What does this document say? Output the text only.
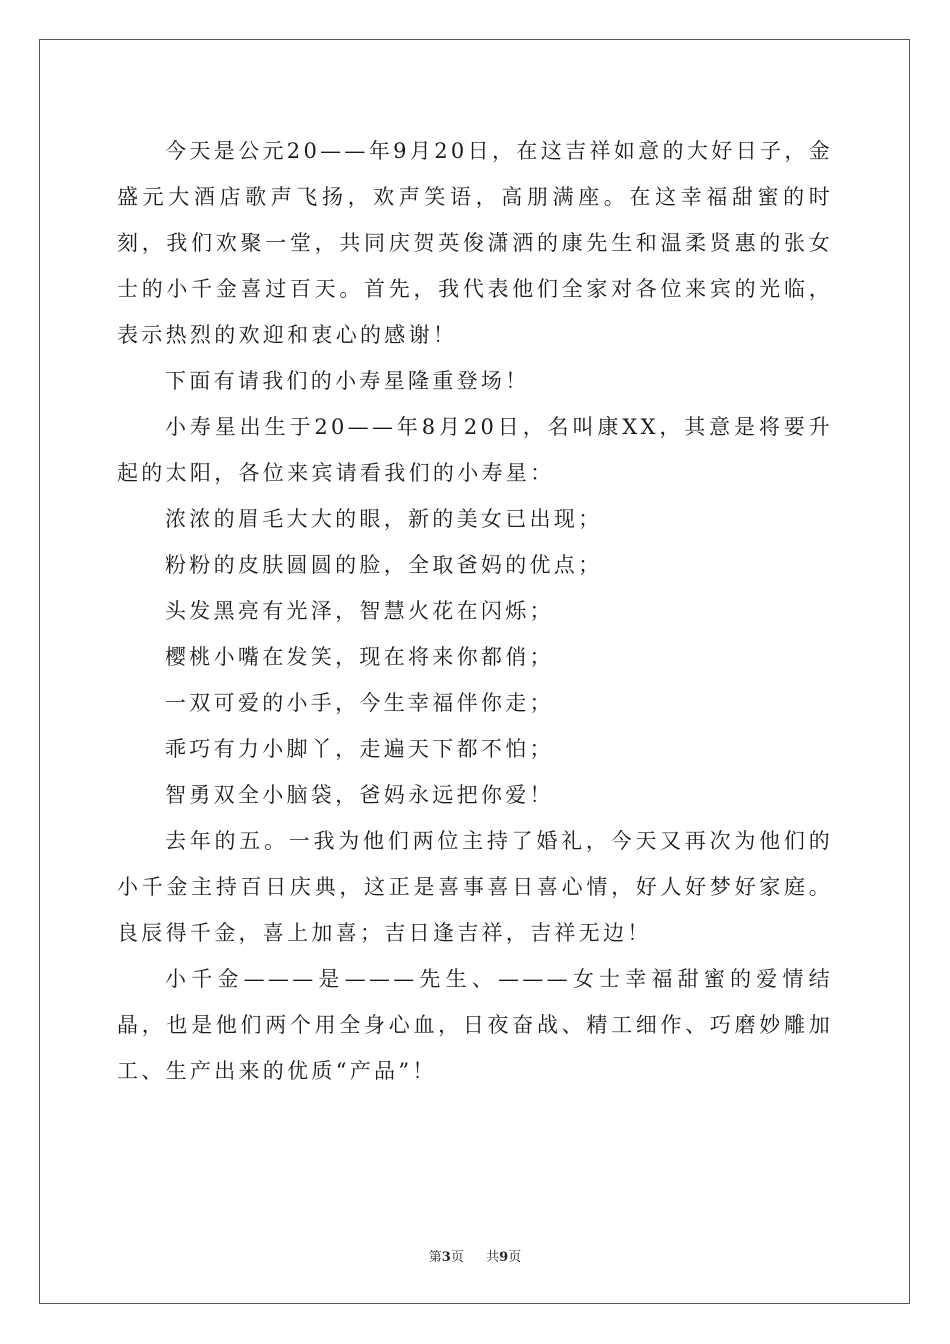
今天是公元20——年9月20日，在这吉祥如意的大好日子，金盛元大酒店歌声飞扬，欢声笑语，高朋满座。在这幸福甜蜜的时刻，我们欢聚一堂，共同庆贺英俊潇洒的康先生和温柔贤惠的张女士的小千金喜过百天。首先，我代表他们全家对各位来宾的光临，表示热烈的欢迎和衷心的感谢！

下面有请我们的小寿星隆重登场！

小寿星出生于20——年8月20日，名叫康XX，其意是将要升起的太阳，各位来宾请看我们的小寿星：

浓浓的眉毛大大的眼，新的美女已出现；

粉粉的皮肤圆圆的脸，全取爸妈的优点；

头发黑亮有光泽，智慧火花在闪烁；

樱桃小嘴在发笑，现在将来你都俏；

一双可爱的小手，今生幸福伴你走；

乖巧有力小脚丫，走遍天下都不怕；

智勇双全小脑袋，爸妈永远把你爱！

去年的五。一我为他们两位主持了婚礼，今天又再次为他们的小千金主持百日庆典，这正是喜事喜日喜心情，好人好梦好家庭。良辰得千金，喜上加喜；吉日逢吉祥，吉祥无边！

小千金———是———先生、———女士幸福甜蜜的爱情结晶，也是他们两个用全身心血，日夜奋战、精工细作、巧磨妙雕加工、生产出来的优质“产品”！

第3页 共9页
